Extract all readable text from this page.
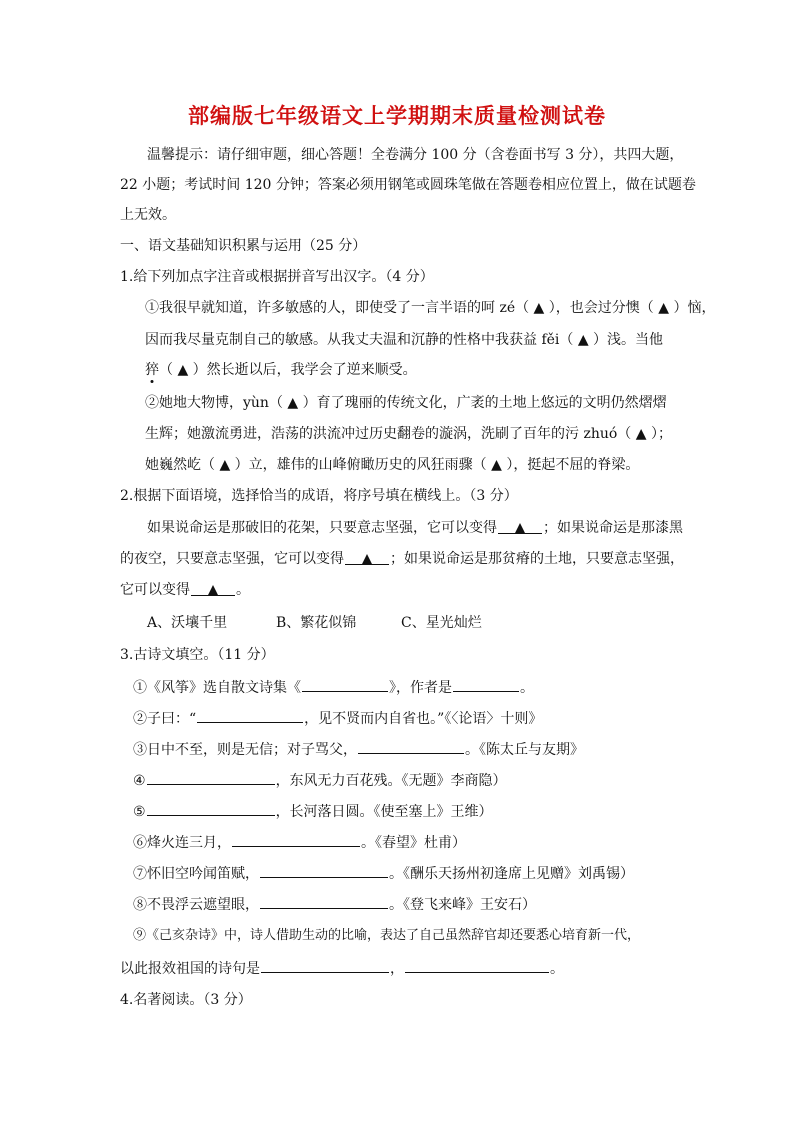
部编版七年级语文上学期期末质量检测试卷
温馨提示：请仔细审题，细心答题！全卷满分 100 分（含卷面书写 3 分），共四大题，
22 小题；考试时间 120 分钟；答案必须用钢笔或圆珠笔做在答题卷相应位置上，做在试题卷
上无效。
一、语文基础知识积累与运用（25 分）
1.给下列加点字注音或根据拼音写出汉字。（4 分）
①我很早就知道，许多敏感的人，即使受了一言半语的呵 zé（ ▲ ），也会过分懊（ ▲ ）恼，
因而我尽量克制自己的敏感。从我丈夫温和沉静的性格中我获益 fěi（ ▲ ）浅。当他
猝（ ▲ ）然长逝以后，我学会了逆来顺受。
②她地大物博，yùn（ ▲ ）育了瑰丽的传统文化，广袤的土地上悠远的文明仍然熠熠
生辉；她激流勇进，浩荡的洪流冲过历史翻卷的漩涡，洗刷了百年的污 zhuó（ ▲ ）；
她巍然屹（ ▲ ）立，雄伟的山峰俯瞰历史的风狂雨骤（ ▲ ），挺起不屈的脊梁。
2.根据下面语境，选择恰当的成语，将序号填在横线上。（3 分）
如果说命运是那破旧的花架，只要意志坚强，它可以变得 ▲ ；如果说命运是那漆黑
的夜空，只要意志坚强，它可以变得 ▲ ；如果说命运是那贫瘠的土地，只要意志坚强，
它可以变得 ▲ 。
A、沃壤千里	B、繁花似锦	C、星光灿烂
3.古诗文填空。（11 分）
①《风筝》选自散文诗集《	》，作者是	。
②子曰：“	，见不贤而内自省也。”《〈论语〉十则》
③日中不至，则是无信；对子骂父，	。《陈太丘与友期》
④	，东风无力百花残。《无题》李商隐）
⑤	，长河落日圆。《使至塞上》王维）
⑥烽火连三月，	。《春望》杜甫）
⑦怀旧空吟闻笛赋，	。《酬乐天扬州初逢席上见赠》刘禹锡）
⑧不畏浮云遮望眼，	。《登飞来峰》王安石）
⑨《己亥杂诗》中，诗人借助生动的比喻，表达了自己虽然辞官却还要悉心培育新一代，
以此报效祖国的诗句是	，	。
4.名著阅读。（3 分）
